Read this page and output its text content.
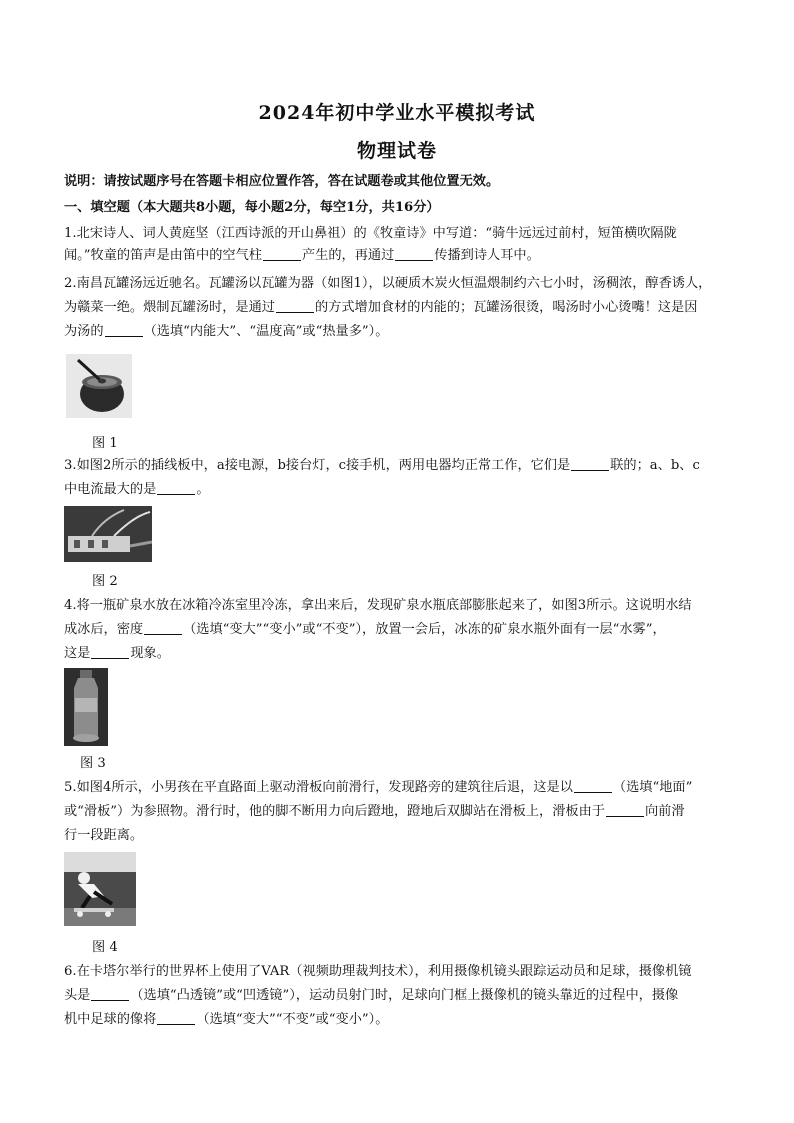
2024年初中学业水平模拟考试
物理试卷
说明：请按试题序号在答题卡相应位置作答，答在试题卷或其他位置无效。
一、填空题（本大题共8小题，每小题2分，每空1分，共16分）
1.北宋诗人、词人黄庭坚（江西诗派的开山鼻祖）的《牧童诗》中写道：“骑牛远远过前村，短笛横吹隔陇
闻。”牧童的笛声是由笛中的空气柱	产生的，再通过	传播到诗人耳中。
2.南昌瓦罐汤远近驰名。瓦罐汤以瓦罐为器（如图1），以硬质木炭火恒温煨制约六七小时，汤稠浓，醇香诱人，
为赣菜一绝。煨制瓦罐汤时，是通过	的方式增加食材的内能的；瓦罐汤很烫，喝汤时小心烫嘴！这是因
为汤的	（选填“内能大”、“温度高”或“热量多”）。
图 1
3.如图2所示的插线板中，a接电源，b接台灯，c接手机，两用电器均正常工作，它们是	联的；a、b、c
中电流最大的是	。
图 2
4.将一瓶矿泉水放在冰箱冷冻室里冷冻，拿出来后，发现矿泉水瓶底部膨胀起来了，如图3所示。这说明水结
成冰后，密度	（选填“变大”“变小”或“不变”），放置一会后，冰冻的矿泉水瓶外面有一层“水雾”，
这是	现象。
图 3
5.如图4所示，小男孩在平直路面上驱动滑板向前滑行，发现路旁的建筑往后退，这是以	（选填“地面”
或“滑板”）为参照物。滑行时，他的脚不断用力向后蹬地，蹬地后双脚站在滑板上，滑板由于	向前滑
行一段距离。
图 4
6.在卡塔尔举行的世界杯上使用了VAR（视频助理裁判技术），利用摄像机镜头跟踪运动员和足球，摄像机镜
头是	（选填“凸透镜”或“凹透镜”），运动员射门时，足球向门框上摄像机的镜头靠近的过程中，摄像
机中足球的像将	（选填“变大”“不变”或“变小”）。
